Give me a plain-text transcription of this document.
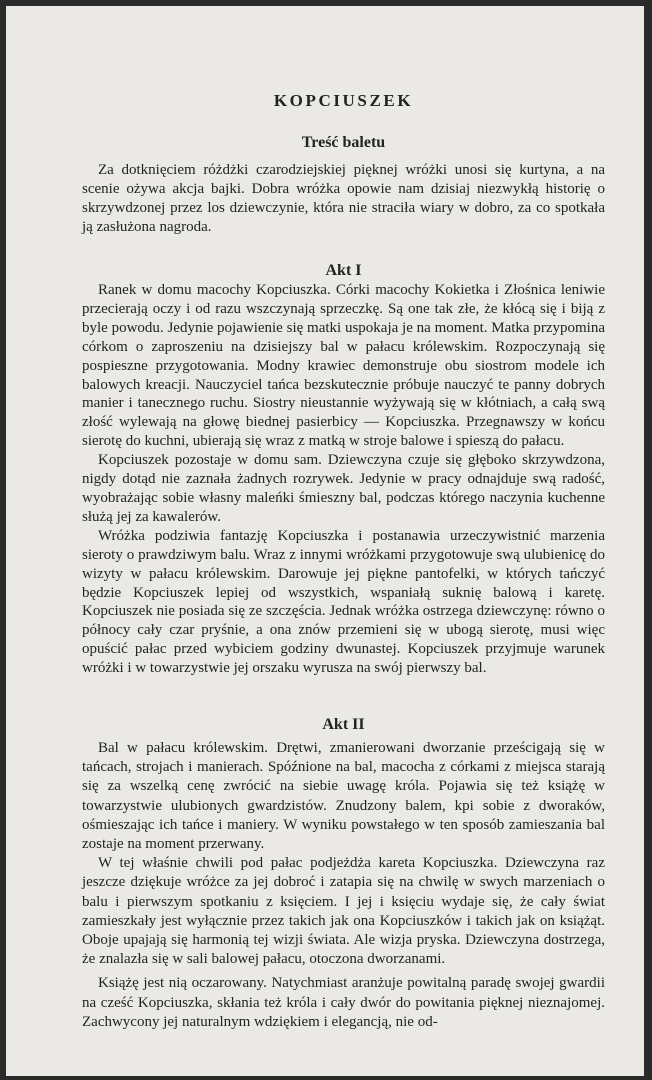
KOPCIUSZEK
Treść baletu

Za dotknięciem różdżki czarodziejskiej pięknej wróżki unosi się kurtyna, a na scenie ożywa akcja bajki. Dobra wróżka opowie nam dzisiaj niezwykłą historię o skrzywdzonej przez los dziewczynie, która nie straciła wiary w dobro, za co spotkała ją zasłużona nagroda.

Akt I

Ranek w domu macochy Kopciuszka. Córki macochy Kokietka i Złośnica leniwie przecierają oczy i od razu wszczynają sprzeczkę. Są one tak złe, że kłócą się i biją z byle powodu. Jedynie pojawienie się matki uspokaja je na moment. Matka przypomina córkom o zaproszeniu na dzisiejszy bal w pałacu królewskim. Rozpoczynają się pospieszne przygotowania. Modny krawiec demonstruje obu siostrom modele ich balowych kreacji. Nauczyciel tańca bezskutecznie próbuje nauczyć te panny dobrych manier i tanecznego ruchu. Siostry nieustannie wyżywają się w kłótniach, a całą swą złość wylewają na głowę biednej pasierbicy — Kopciuszka. Przegnawszy w końcu sierotę do kuchni, ubierają się wraz z matką w stroje balowe i spieszą do pałacu.

Kopciuszek pozostaje w domu sam. Dziewczyna czuje się głęboko skrzywdzona, nigdy dotąd nie zaznała żadnych rozrywek. Jedynie w pracy odnajduje swą radość, wyobrażając sobie własny maleńki śmieszny bal, podczas którego naczynia kuchenne służą jej za kawalerów.

Wróżka podziwia fantazję Kopciuszka i postanawia urzeczywistnić marzenia sieroty o prawdziwym balu. Wraz z innymi wróżkami przygotowuje swą ulubienicę do wizyty w pałacu królewskim. Darowuje jej piękne pantofelki, w których tańczyć będzie Kopciuszek lepiej od wszystkich, wspaniałą suknię balową i karetę. Kopciuszek nie posiada się ze szczęścia. Jednak wróżka ostrzega dziewczynę: równo o północy cały czar pryśnie, a ona znów przemieni się w ubogą sierotę, musi więc opuścić pałac przed wybiciem godziny dwunastej. Kopciuszek przyjmuje warunek wróżki i w towarzystwie jej orszaku wyrusza na swój pierwszy bal.

Akt II

Bal w pałacu królewskim. Drętwi, zmanierowani dworzanie prześcigają się w tańcach, strojach i manierach. Spóźnione na bal, macocha z córkami z miejsca starają się za wszelką cenę zwrócić na siebie uwagę króla. Pojawia się też książę w towarzystwie ulubionych gwardzistów. Znudzony balem, kpi sobie z dworaków, ośmieszając ich tańce i maniery. W wyniku powstałego w ten sposób zamieszania bal zostaje na moment przerwany.

W tej właśnie chwili pod pałac podjeżdża kareta Kopciuszka. Dziewczyna raz jeszcze dziękuje wróżce za jej dobroć i zatapia się na chwilę w swych marzeniach o balu i pierwszym spotkaniu z księciem. I jej i księciu wydaje się, że cały świat zamieszkały jest wyłącznie przez takich jak ona Kopciuszków i takich jak on książąt. Oboje upajają się harmonią tej wizji świata. Ale wizja pryska. Dziewczyna dostrzega, że znalazła się w sali balowej pałacu, otoczona dworzanami.

Książę jest nią oczarowany. Natychmiast aranżuje powitalną paradę swojej gwardii na cześć Kopciuszka, skłania też króla i cały dwór do powitania pięknej nieznajomej. Zachwycony jej naturalnym wdziękiem i elegancją, nie od-
